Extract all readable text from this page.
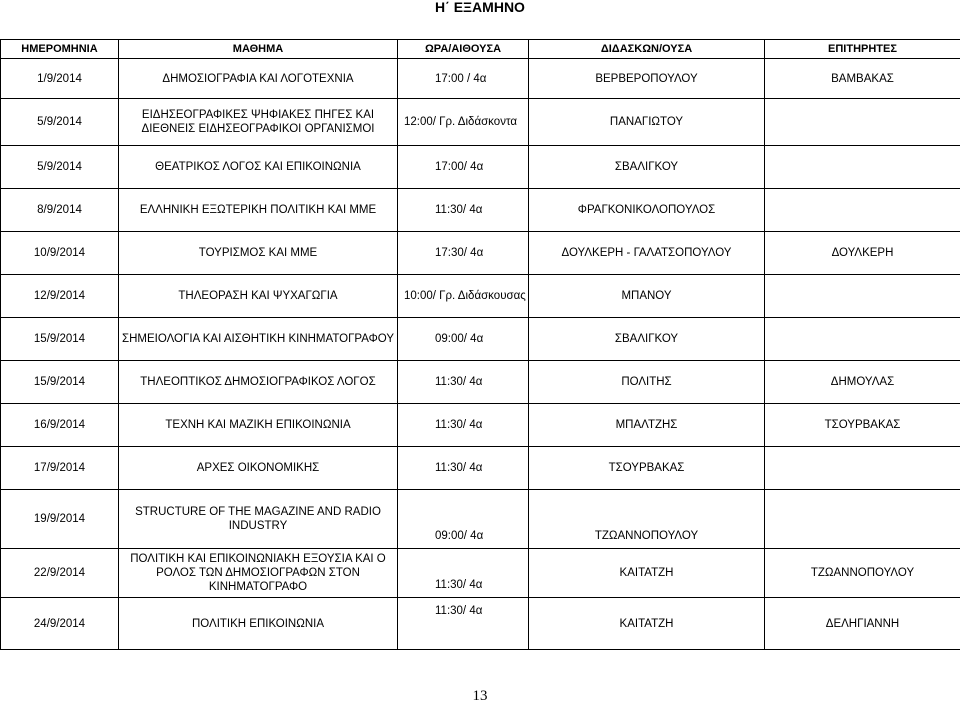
Η΄ ΕΞΑΜΗΝΟ
ΗΜΕΡΟΜΗΝΙΑ	ΜΑΘΗΜΑ	ΩΡΑ/ΑΙΘΟΥΣΑ	ΔΙΔΑΣΚΩΝ/ΟΥΣΑ	ΕΠΙΤΗΡΗΤΕΣ
1/9/2014	ΔΗΜΟΣΙΟΓΡΑΦΙΑ ΚΑΙ ΛΟΓΟΤΕΧΝΙΑ	17:00 / 4α	ΒΕΡΒΕΡΟΠΟΥΛΟΥ	ΒΑΜΒΑΚΑΣ
5/9/2014	ΕΙΔΗΣΕΟΓΡΑΦΙΚΕΣ ΨΗΦΙΑΚΕΣ ΠΗΓΕΣ ΚΑΙ ΔΙΕΘΝΕΙΣ ΕΙΔΗΣΕΟΓΡΑΦΙΚΟΙ ΟΡΓΑΝΙΣΜΟΙ	12:00/ Γρ. Διδάσκοντα	ΠΑΝΑΓΙΩΤΟΥ	
5/9/2014	ΘΕΑΤΡΙΚΟΣ ΛΟΓΟΣ ΚΑΙ ΕΠΙΚΟΙΝΩΝΙΑ	17:00/ 4α	ΣΒΑΛΙΓΚΟΥ	
8/9/2014	ΕΛΛΗΝΙΚΗ ΕΞΩΤΕΡΙΚΗ ΠΟΛΙΤΙΚΗ ΚΑΙ ΜΜΕ	11:30/ 4α	ΦΡΑΓΚΟΝΙΚΟΛΟΠΟΥΛΟΣ	
10/9/2014	ΤΟΥΡΙΣΜΟΣ ΚΑΙ ΜΜΕ	17:30/ 4α	ΔΟΥΛΚΕΡΗ - ΓΑΛΑΤΣΟΠΟΥΛΟΥ	ΔΟΥΛΚΕΡΗ
12/9/2014	ΤΗΛΕΟΡΑΣΗ ΚΑΙ ΨΥΧΑΓΩΓΙΑ	10:00/ Γρ. Διδάσκουσας	ΜΠΑΝΟΥ	
15/9/2014	ΣΗΜΕΙΟΛΟΓΙΑ ΚΑΙ ΑΙΣΘΗΤΙΚΗ ΚΙΝΗΜΑΤΟΓΡΑΦΟΥ	09:00/ 4α	ΣΒΑΛΙΓΚΟΥ	
15/9/2014	ΤΗΛΕΟΠΤΙΚΟΣ ΔΗΜΟΣΙΟΓΡΑΦΙΚΟΣ ΛΟΓΟΣ	11:30/ 4α	ΠΟΛΙΤΗΣ	ΔΗΜΟΥΛΑΣ
16/9/2014	ΤΕΧΝΗ ΚΑΙ ΜΑΖΙΚΗ ΕΠΙΚΟΙΝΩΝΙΑ	11:30/ 4α	ΜΠΑΛΤΖΗΣ	ΤΣΟΥΡΒΑΚΑΣ
17/9/2014	ΑΡΧΕΣ ΟΙΚΟΝΟΜΙΚΗΣ	11:30/ 4α	ΤΣΟΥΡΒΑΚΑΣ	
19/9/2014	STRUCTURE OF THE MAGAZINE AND RADIO INDUSTRY	09:00/ 4α	ΤΖΩΑΝΝΟΠΟΥΛΟΥ	
22/9/2014	ΠΟΛΙΤΙΚΗ ΚΑΙ ΕΠΙΚΟΙΝΩΝΙΑΚΗ ΕΞΟΥΣΙΑ ΚΑΙ Ο ΡΟΛΟΣ ΤΩΝ ΔΗΜΟΣΙΟΓΡΑΦΩΝ ΣΤΟΝ ΚΙΝΗΜΑΤΟΓΡΑΦΟ	11:30/ 4α	ΚΑΙΤΑΤΖΗ	ΤΖΩΑΝΝΟΠΟΥΛΟΥ
24/9/2014	ΠΟΛΙΤΙΚΗ ΕΠΙΚΟΙΝΩΝΙΑ	11:30/ 4α	ΚΑΙΤΑΤΖΗ	ΔΕΛΗΓΙΑΝΝΗ
13
